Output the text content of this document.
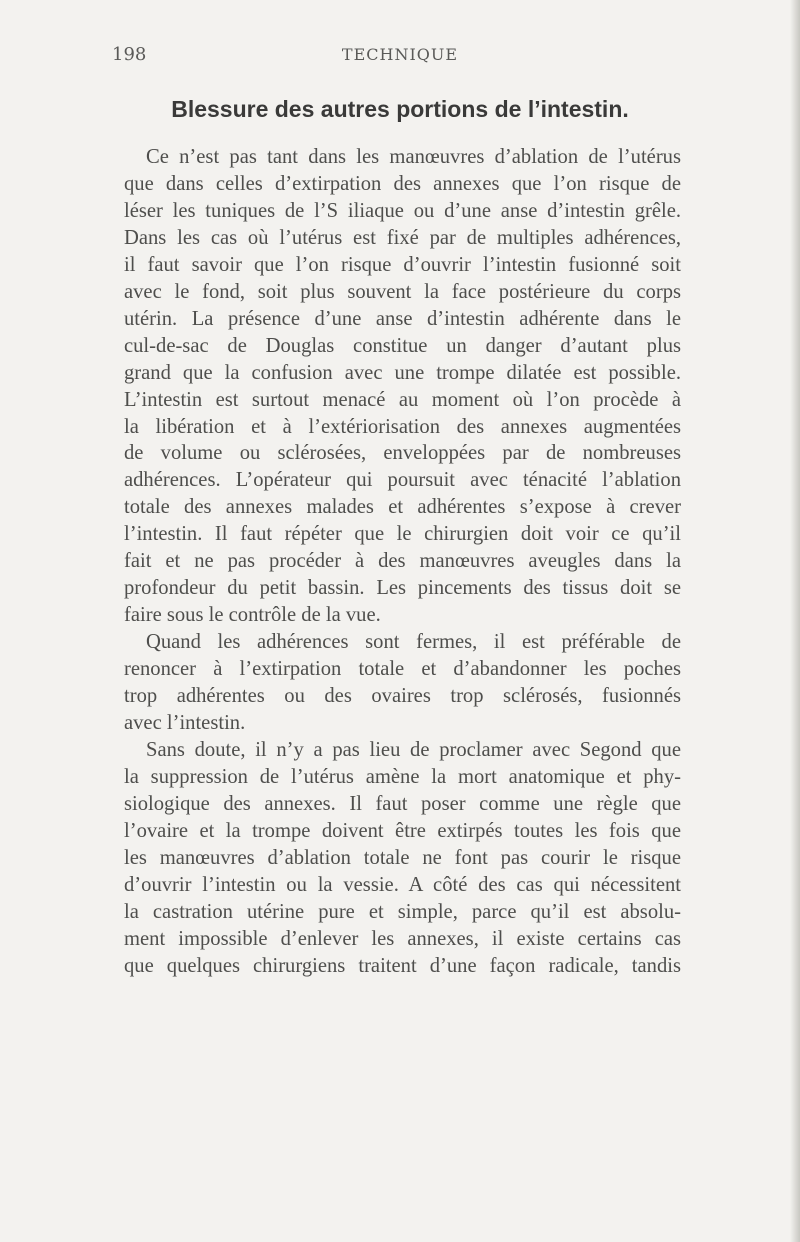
198	TECHNIQUE
Blessure des autres portions de l’intestin.
Ce n’est pas tant dans les manœuvres d’ablation de l’utérus
que dans celles d’extirpation des annexes que l’on risque de
léser les tuniques de l’S iliaque ou d’une anse d’intestin grêle.
Dans les cas où l’utérus est fixé par de multiples adhérences,
il faut savoir que l’on risque d’ouvrir l’intestin fusionné soit
avec le fond, soit plus souvent la face postérieure du corps
utérin. La présence d’une anse d’intestin adhérente dans le
cul-de-sac de Douglas constitue un danger d’autant plus
grand que la confusion avec une trompe dilatée est possible.
L’intestin est surtout menacé au moment où l’on procède à
la libération et à l’extériorisation des annexes augmentées
de volume ou sclérosées, enveloppées par de nombreuses
adhérences. L’opérateur qui poursuit avec ténacité l’ablation
totale des annexes malades et adhérentes s’expose à crever
l’intestin. Il faut répéter que le chirurgien doit voir ce qu’il
fait et ne pas procéder à des manœuvres aveugles dans la
profondeur du petit bassin. Les pincements des tissus doit se
faire sous le contrôle de la vue.
Quand les adhérences sont fermes, il est préférable de
renoncer à l’extirpation totale et d’abandonner les poches
trop adhérentes ou des ovaires trop sclérosés, fusionnés
avec l’intestin.
Sans doute, il n’y a pas lieu de proclamer avec Segond que
la suppression de l’utérus amène la mort anatomique et phy-
siologique des annexes. Il faut poser comme une règle que
l’ovaire et la trompe doivent être extirpés toutes les fois que
les manœuvres d’ablation totale ne font pas courir le risque
d’ouvrir l’intestin ou la vessie. A côté des cas qui nécessitent
la castration utérine pure et simple, parce qu’il est absolu-
ment impossible d’enlever les annexes, il existe certains cas
que quelques chirurgiens traitent d’une façon radicale, tandis
